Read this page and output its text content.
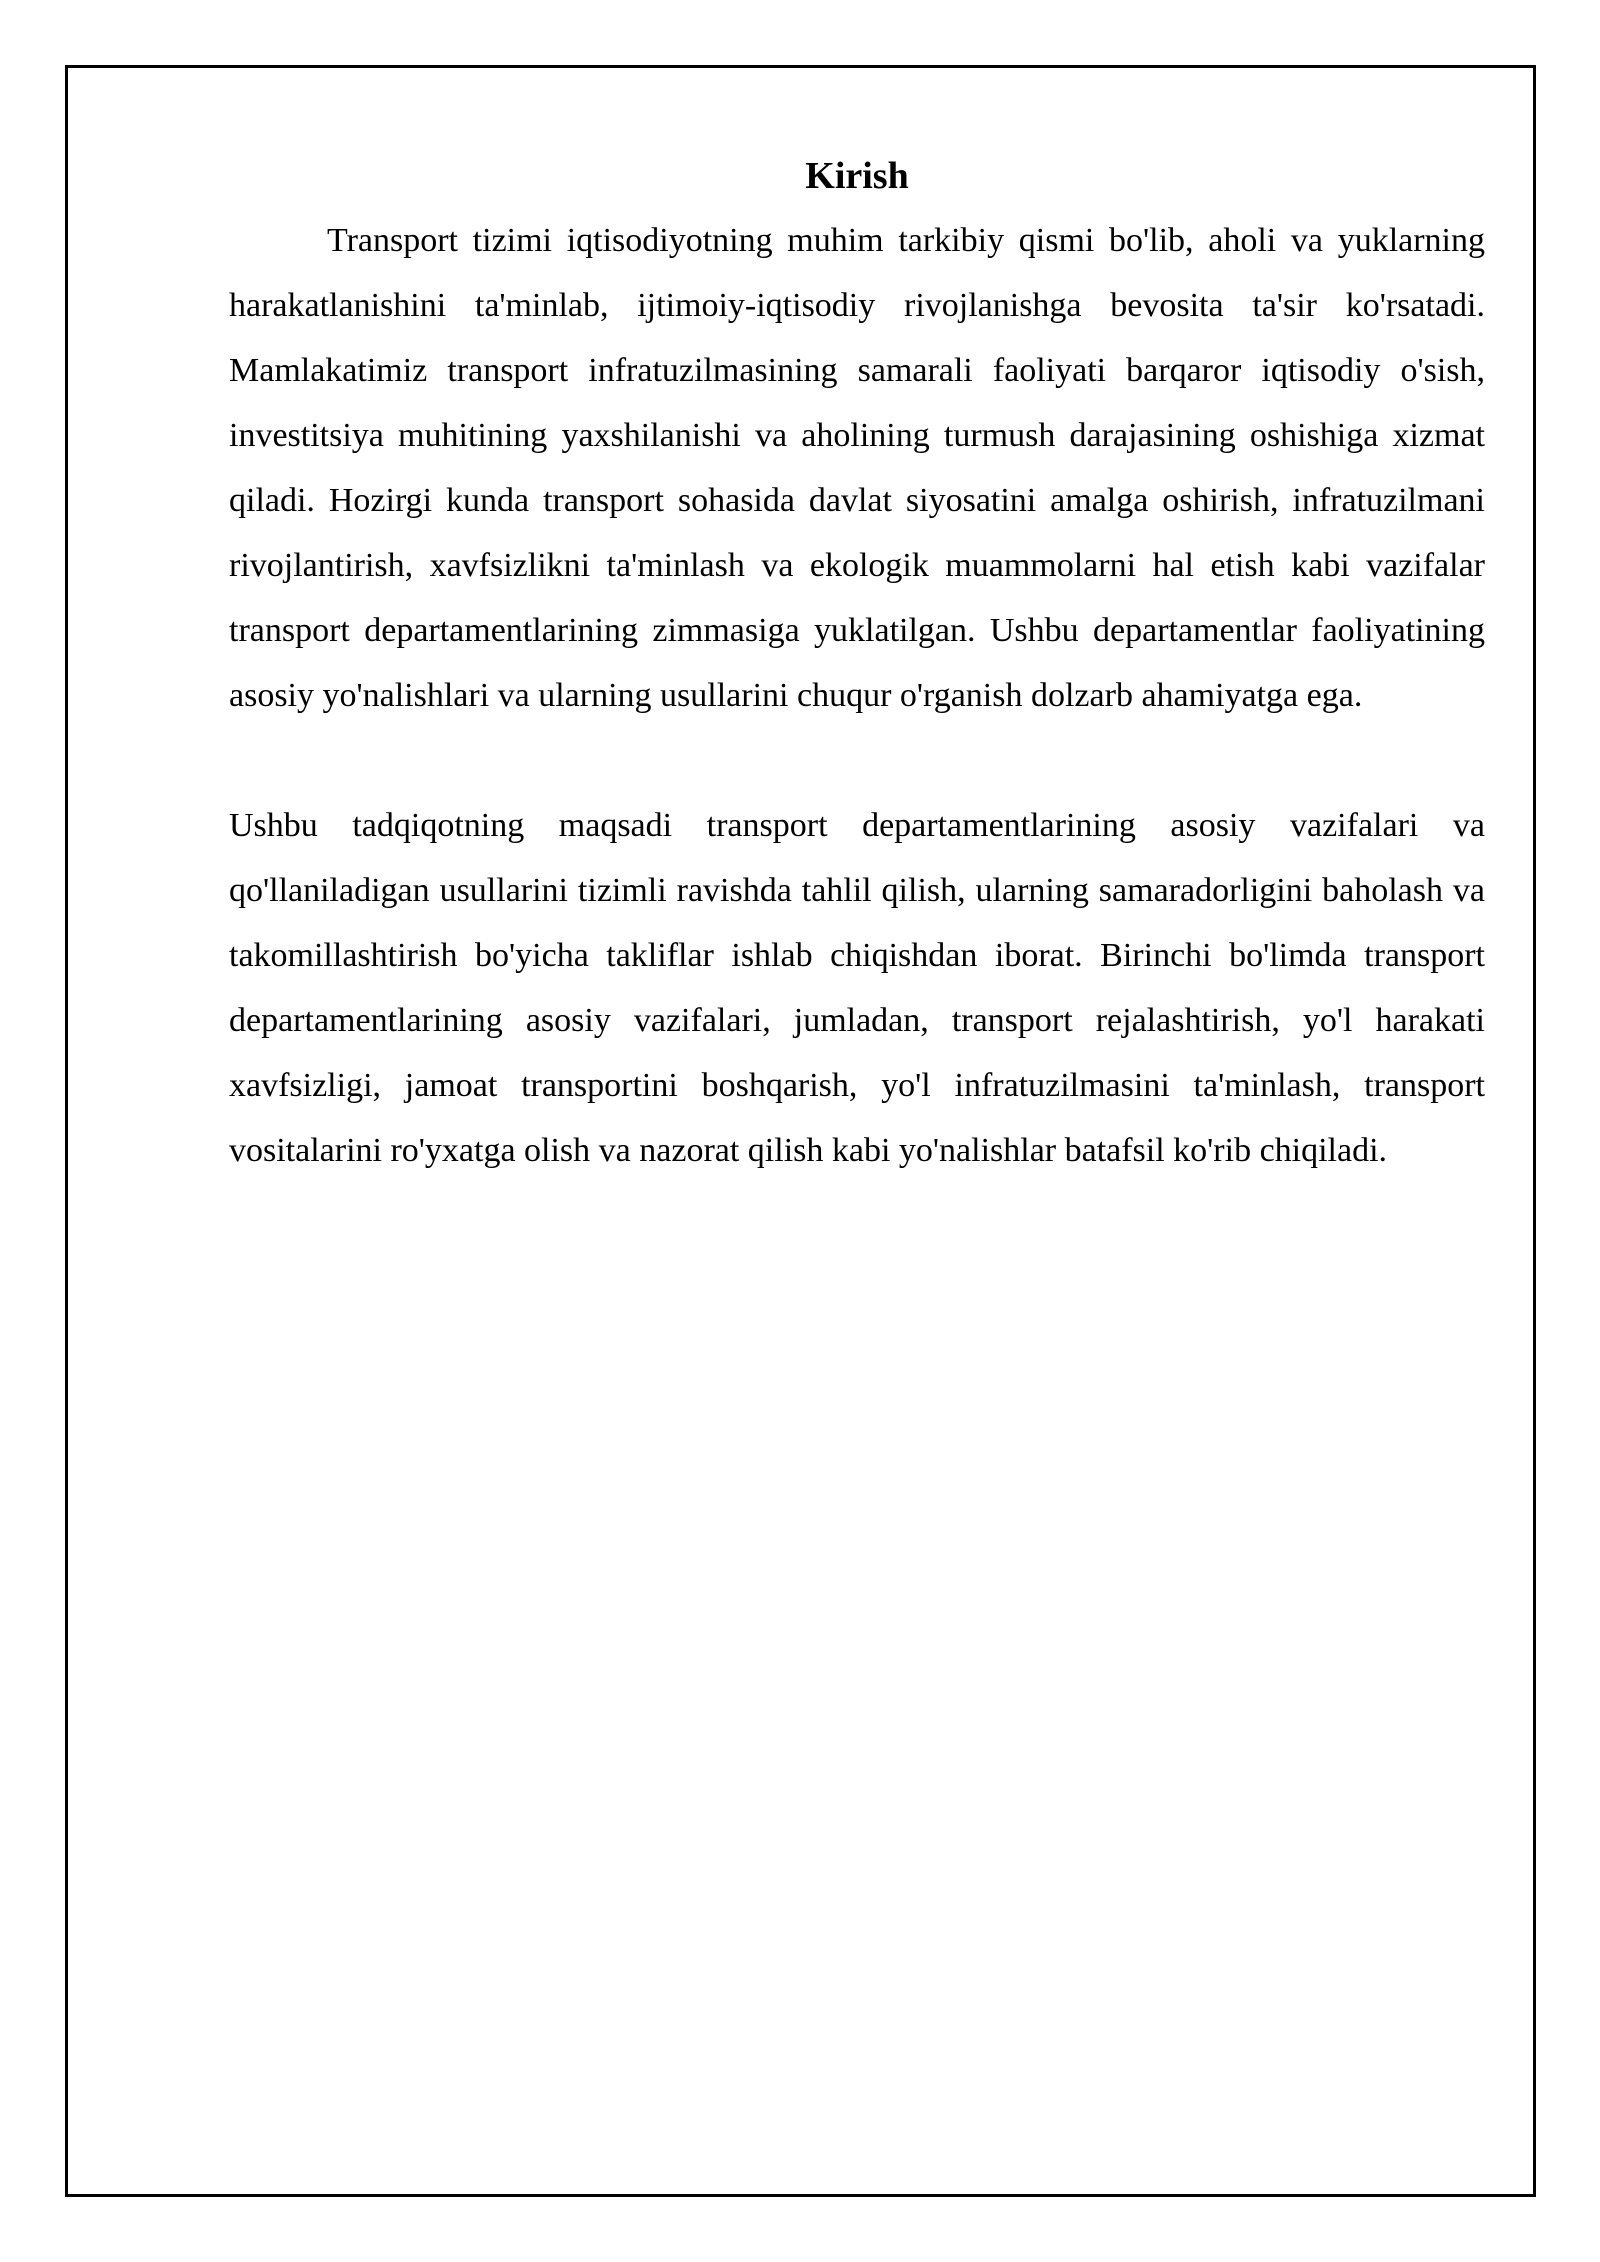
Kirish

Transport tizimi iqtisodiyotning muhim tarkibiy qismi bo'lib, aholi va yuklarning harakatlanishini ta'minlab, ijtimoiy-iqtisodiy rivojlanishga bevosita ta'sir ko'rsatadi. Mamlakatimiz transport infratuzilmasining samarali faoliyati barqaror iqtisodiy o'sish, investitsiya muhitining yaxshilanishi va aholining turmush darajasining oshishiga xizmat qiladi. Hozirgi kunda transport sohasida davlat siyosatini amalga oshirish, infratuzilmani rivojlantirish, xavfsizlikni ta'minlash va ekologik muammolarni hal etish kabi vazifalar transport departamentlarining zimmasiga yuklatilgan. Ushbu departamentlar faoliyatining asosiy yo'nalishlari va ularning usullarini chuqur o'rganish dolzarb ahamiyatga ega.

Ushbu tadqiqotning maqsadi transport departamentlarining asosiy vazifalari va qo'llaniladigan usullarini tizimli ravishda tahlil qilish, ularning samaradorligini baholash va takomillashtirish bo'yicha takliflar ishlab chiqishdan iborat. Birinchi bo'limda transport departamentlarining asosiy vazifalari, jumladan, transport rejalashtirish, yo'l harakati xavfsizligi, jamoat transportini boshqarish, yo'l infratuzilmasini ta'minlash, transport vositalarini ro'yxatga olish va nazorat qilish kabi yo'nalishlar batafsil ko'rib chiqiladi.
